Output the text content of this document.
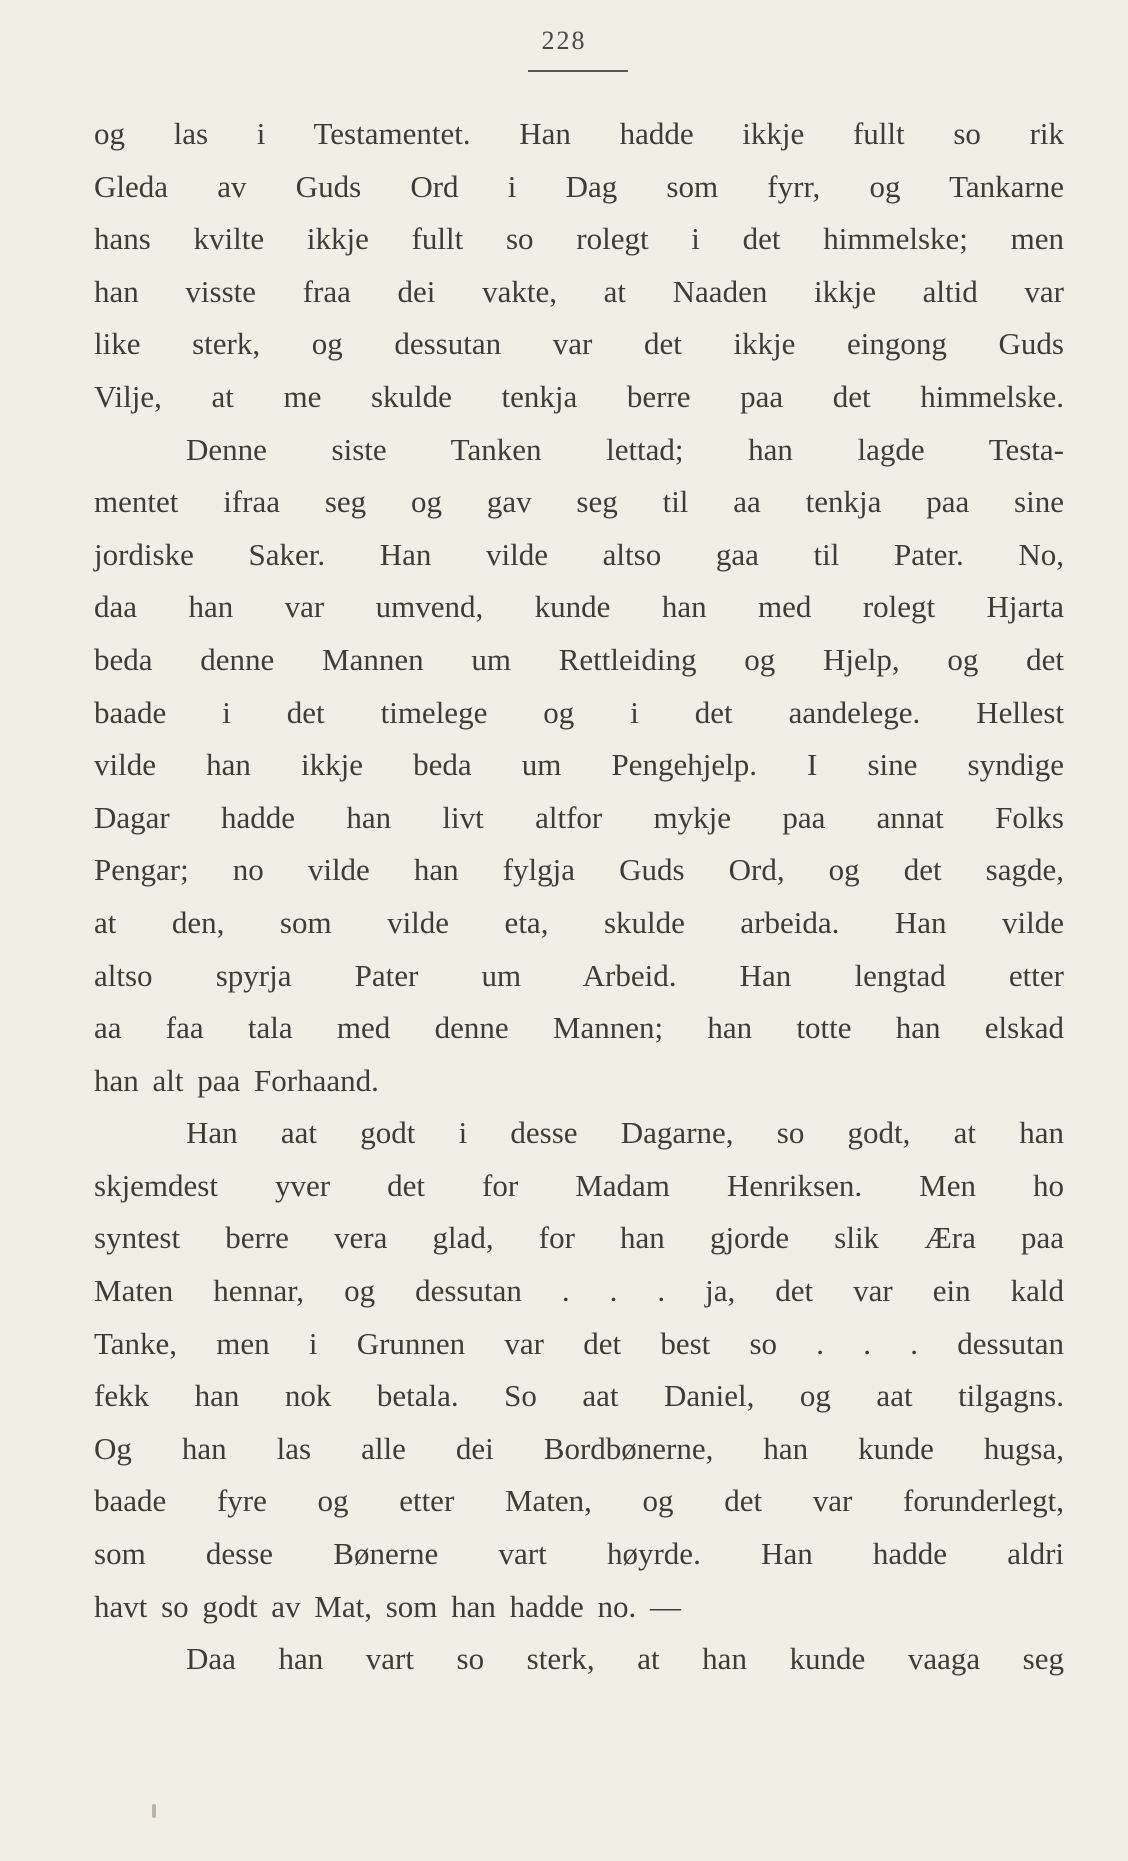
228
og las i Testamentet. Han hadde ikkje fullt so rik
Gleda av Guds Ord i Dag som fyrr, og Tankarne
hans kvilte ikkje fullt so rolegt i det himmelske; men
han visste fraa dei vakte, at Naaden ikkje altid var
like sterk, og dessutan var det ikkje eingong Guds
Vilje, at me skulde tenkja berre paa det himmelske.
Denne siste Tanken lettad; han lagde Testa-
mentet ifraa seg og gav seg til aa tenkja paa sine
jordiske Saker. Han vilde altso gaa til Pater. No,
daa han var umvend, kunde han med rolegt Hjarta
beda denne Mannen um Rettleiding og Hjelp, og det
baade i det timelege og i det aandelege. Hellest
vilde han ikkje beda um Pengehjelp. I sine syndige
Dagar hadde han livt altfor mykje paa annat Folks
Pengar; no vilde han fylgja Guds Ord, og det sagde,
at den, som vilde eta, skulde arbeida. Han vilde
altso spyrja Pater um Arbeid. Han lengtad etter
aa faa tala med denne Mannen; han totte han elskad
han alt paa Forhaand.
Han aat godt i desse Dagarne, so godt, at han
skjemdest yver det for Madam Henriksen. Men ho
syntest berre vera glad, for han gjorde slik Æra paa
Maten hennar, og dessutan . . . ja, det var ein kald
Tanke, men i Grunnen var det best so . . . dessutan
fekk han nok betala. So aat Daniel, og aat tilgagns.
Og han las alle dei Bordbønerne, han kunde hugsa,
baade fyre og etter Maten, og det var forunderlegt,
som desse Bønerne vart høyrde. Han hadde aldri
havt so godt av Mat, som han hadde no. —
Daa han vart so sterk, at han kunde vaaga seg
